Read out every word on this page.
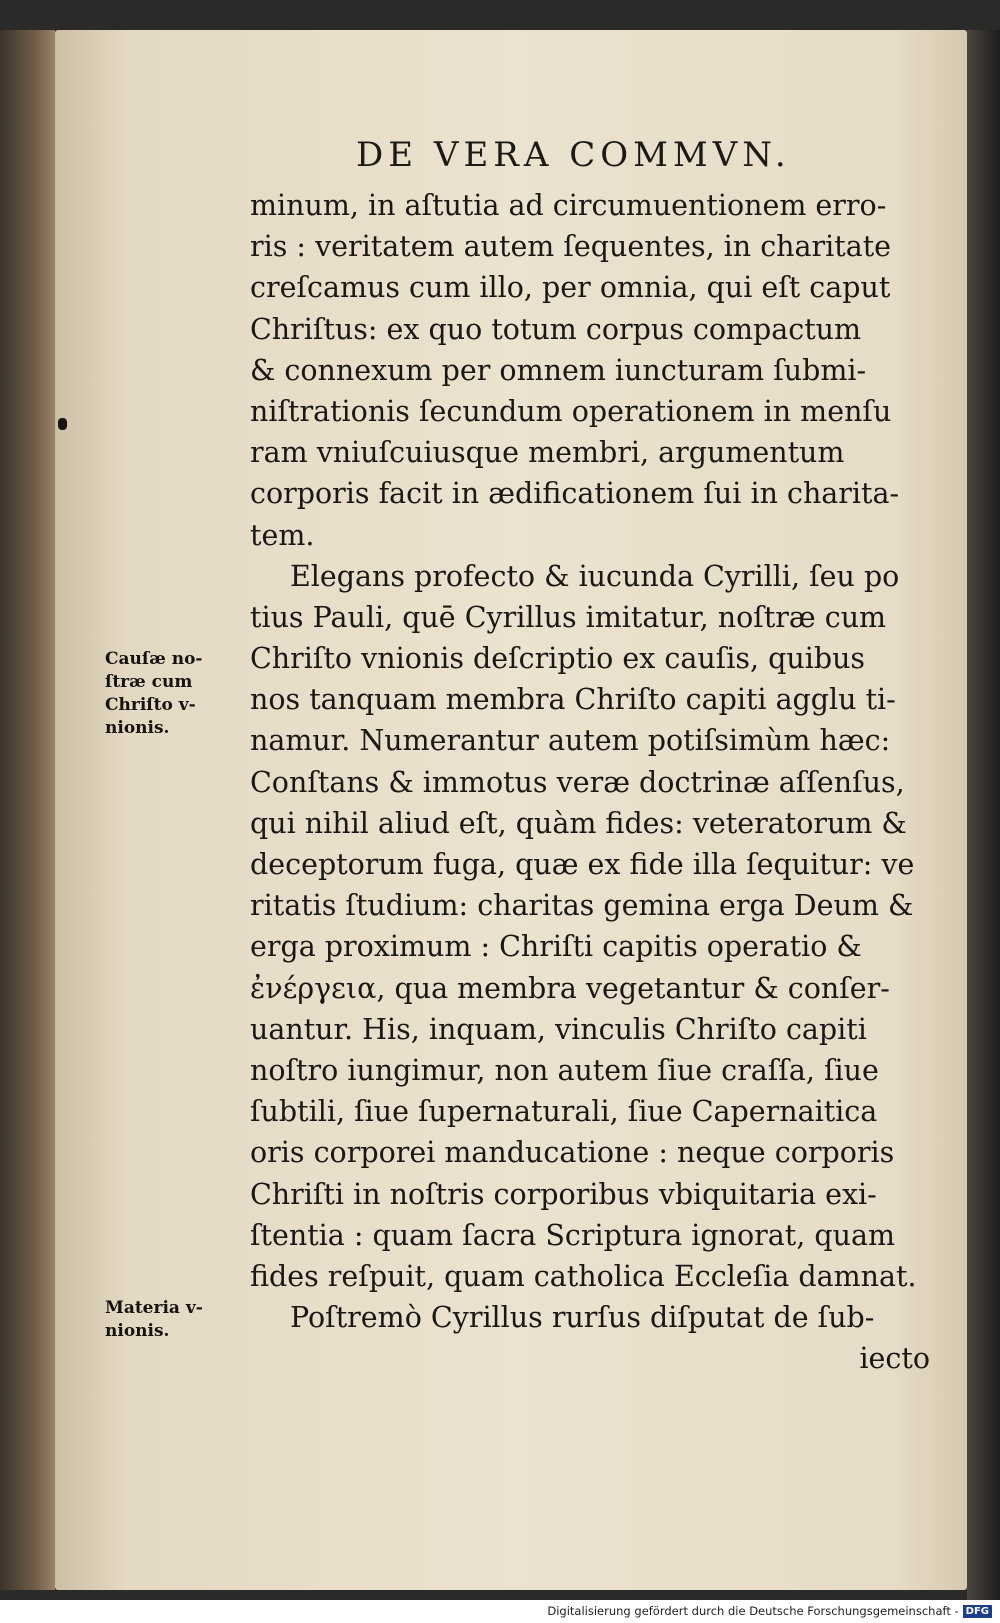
DE VERA COMMVN.
minum, in aſtutia ad circumuentionem erro-
ris : veritatem autem ſequentes, in charitate
creſcamus cum illo, per omnia, qui eſt caput
Chriſtus: ex quo totum corpus compactum
& connexum per omnem iuncturam ſubmi-
niſtrationis ſecundum operationem in menſu
ram vniuſcuiusque membri, argumentum
corporis facit in ædificationem ſui in charita-
tem.
Elegans profecto & iucunda Cyrilli, ſeu po
tius Pauli, quē Cyrillus imitatur, noſtræ cum
Chriſto vnionis deſcriptio ex cauſis, quibus
nos tanquam membra Chriſto capiti agglu ti-
namur. Numerantur autem potiſsimùm hæc:
Conſtans & immotus veræ doctrinæ aſſenſus,
qui nihil aliud eſt, quàm fides: veteratorum &
deceptorum fuga, quæ ex fide illa ſequitur: ve
ritatis ſtudium: charitas gemina erga Deum &
erga proximum : Chriſti capitis operatio &
ἐνέργεια, qua membra vegetantur & conſer-
uantur. His, inquam, vinculis Chriſto capiti
noſtro iungimur, non autem ſiue craſſa, ſiue
ſubtili, ſiue ſupernaturali, ſiue Capernaitica
oris corporei manducatione : neque corporis
Chriſti in noſtris corporibus vbiquitaria exi-
ſtentia : quam ſacra Scriptura ignorat, quam
fides reſpuit, quam catholica Eccleſia damnat.
Poſtremò Cyrillus rurſus diſputat de ſub-
iecto
Cauſæ no-
ſtræ cum
Chriſto v-
nionis.
Materia v-
nionis.
Digitalisierung gefördert durch die Deutsche Forschungsgemeinschaft - DFG
